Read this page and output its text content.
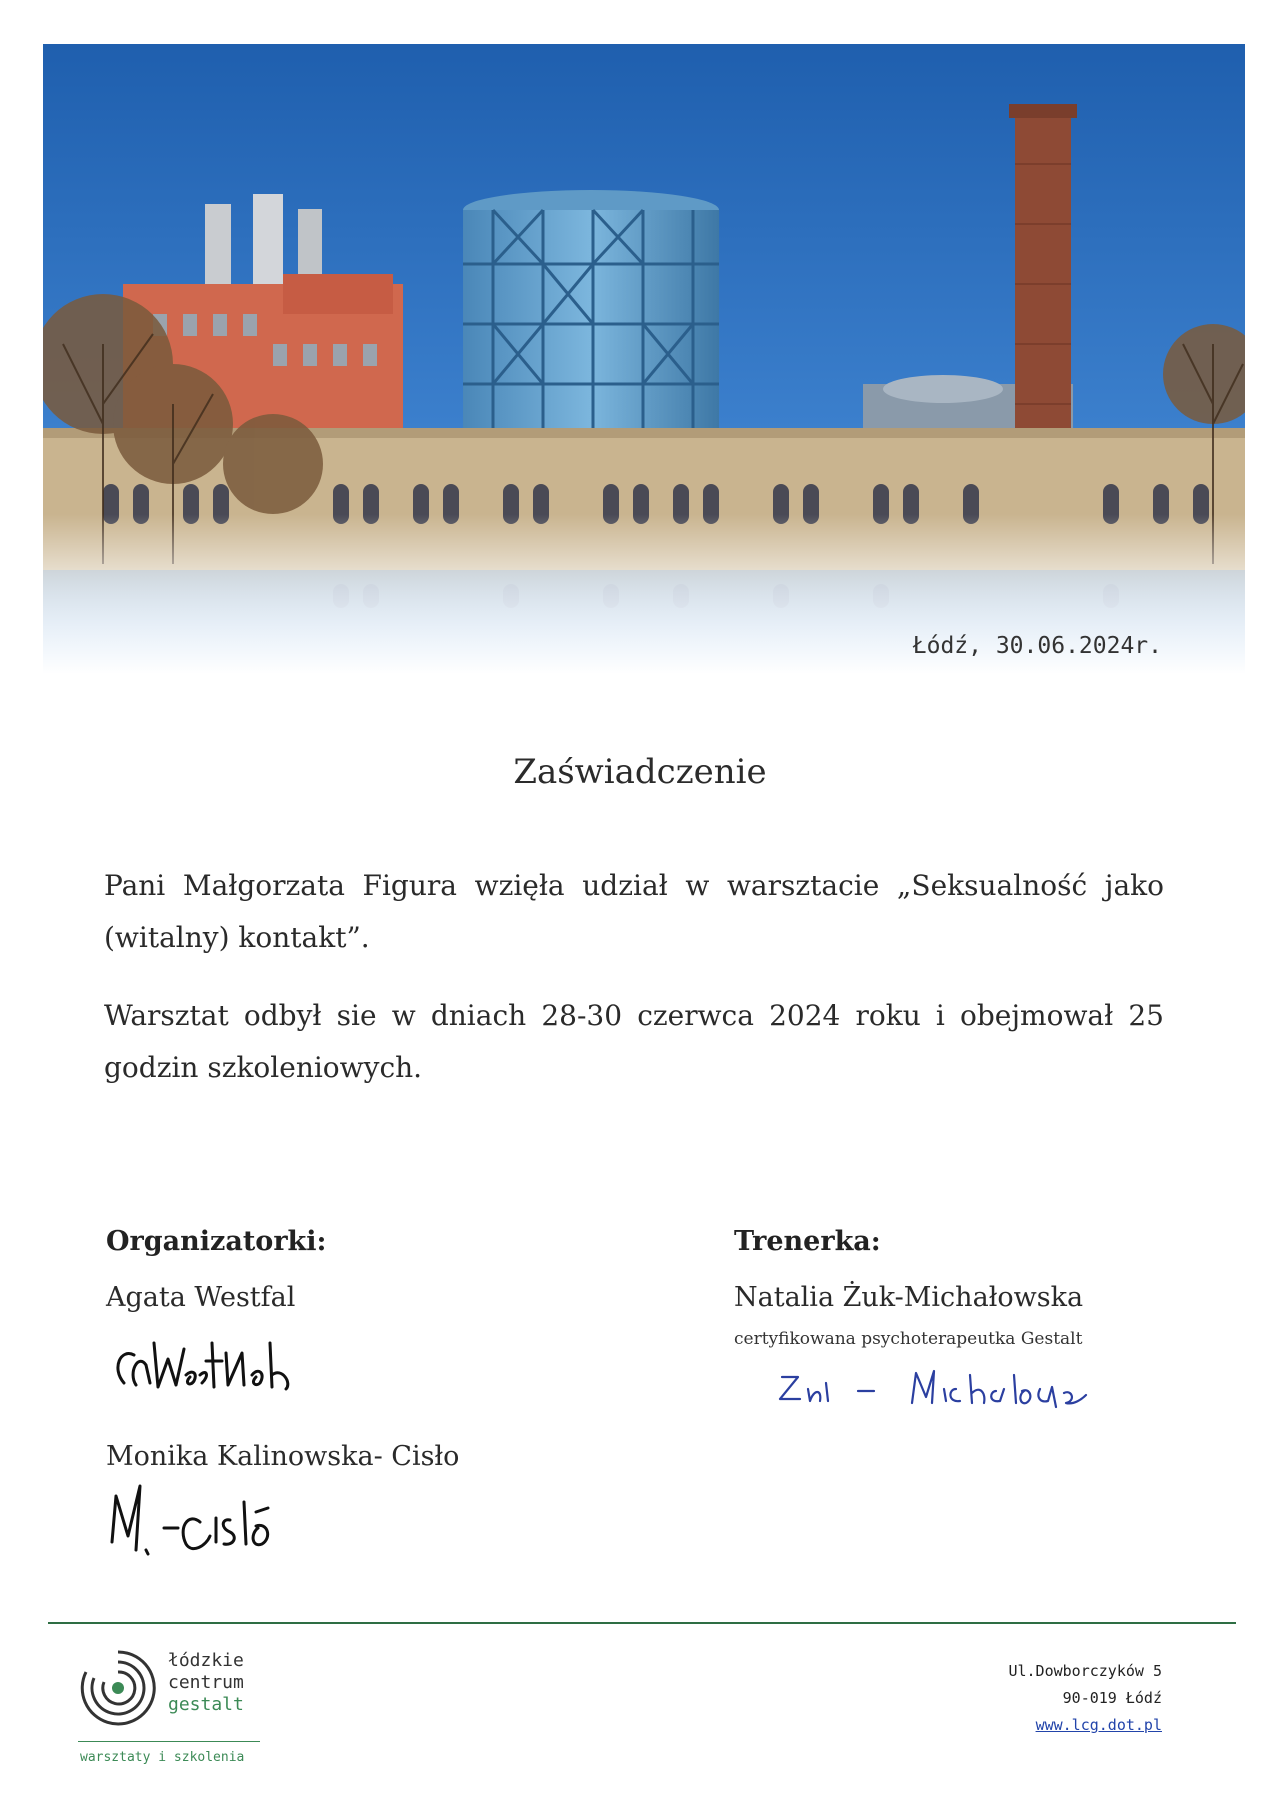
Łódź, 30.06.2024r.
Zaświadczenie
Pani Małgorzata Figura wzięła udział w warsztacie „Seksualność jako (witalny) kontakt”.
Warsztat odbył sie w dniach 28-30 czerwca 2024 roku i obejmował 25 godzin szkoleniowych.
Organizatorki:
Agata Westfal
Monika Kalinowska- Cisło
Trenerka:
Natalia Żuk-Michałowska
certyfikowana psychoterapeutka Gestalt
łódzkie
centrum
gestalt
warsztaty i szkolenia
Ul.Dowborczyków 5
90-019 Łódź
www.lcg.dot.pl
